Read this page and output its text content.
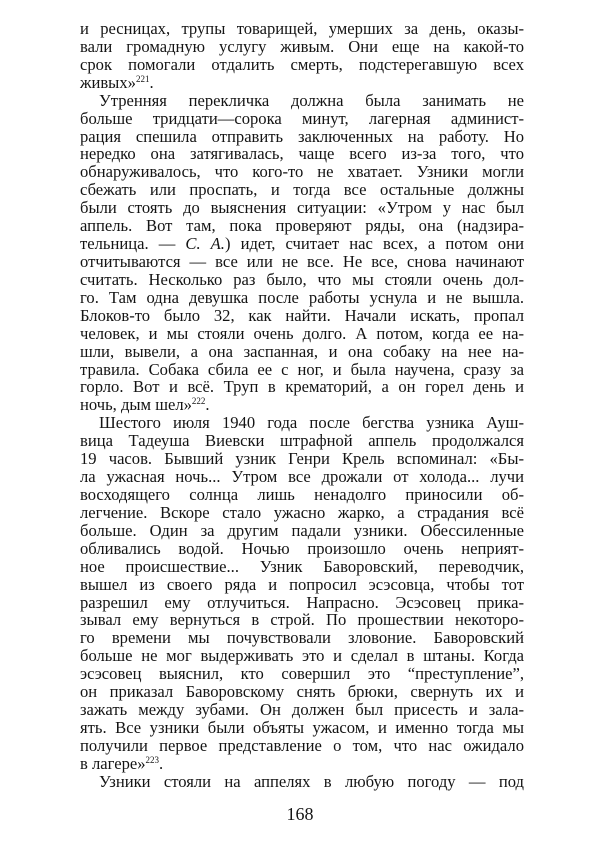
и ресницах, трупы товарищей, умерших за день, оказы-
вали громадную услугу живым. Они еще на какой-то
срок помогали отдалить смерть, подстерегавшую всех
живых»$^{221}$.
Утренняя перекличка должна была занимать не
больше тридцати—сорока минут, лагерная админист-
рация спешила отправить заключенных на работу. Но
нередко она затягивалась, чаще всего из-за того, что
обнаруживалось, что кого-то не хватает. Узники могли
сбежать или проспать, и тогда все остальные должны
были стоять до выяснения ситуации: «Утром у нас был
аппель. Вот там, пока проверяют ряды, она (надзира-
тельница. — С. А.) идет, считает нас всех, а потом они
отчитываются — все или не все. Не все, снова начинают
считать. Несколько раз было, что мы стояли очень дол-
го. Там одна девушка после работы уснула и не вышла.
Блоков-то было 32, как найти. Начали искать, пропал
человек, и мы стояли очень долго. А потом, когда ее на-
шли, вывели, а она заспанная, и она собаку на нее на-
травила. Собака сбила ее с ног, и была научена, сразу за
горло. Вот и всё. Труп в крематорий, а он горел день и
ночь, дым шел»$^{222}$.
Шестого июля 1940 года после бегства узника Ауш-
вица Тадеуша Виевски штрафной аппель продолжался
19 часов. Бывший узник Генри Крель вспоминал: «Бы-
ла ужасная ночь... Утром все дрожали от холода... лучи
восходящего солнца лишь ненадолго приносили об-
легчение. Вскоре стало ужасно жарко, а страдания всё
больше. Один за другим падали узники. Обессиленные
обливались водой. Ночью произошло очень неприят-
ное происшествие... Узник Баворовский, переводчик,
вышел из своего ряда и попросил эсэсовца, чтобы тот
разрешил ему отлучиться. Напрасно. Эсэсовец прика-
зывал ему вернуться в строй. По прошествии некоторо-
го времени мы почувствовали зловоние. Баворовский
больше не мог выдерживать это и сделал в штаны. Когда
эсэсовец выяснил, кто совершил это “преступление”,
он приказал Баворовскому снять брюки, свернуть их и
зажать между зубами. Он должен был присесть и зала-
ять. Все узники были объяты ужасом, и именно тогда мы
получили первое представление о том, что нас ожидало
в лагере»$^{223}$.
Узники стояли на аппелях в любую погоду — под
168
